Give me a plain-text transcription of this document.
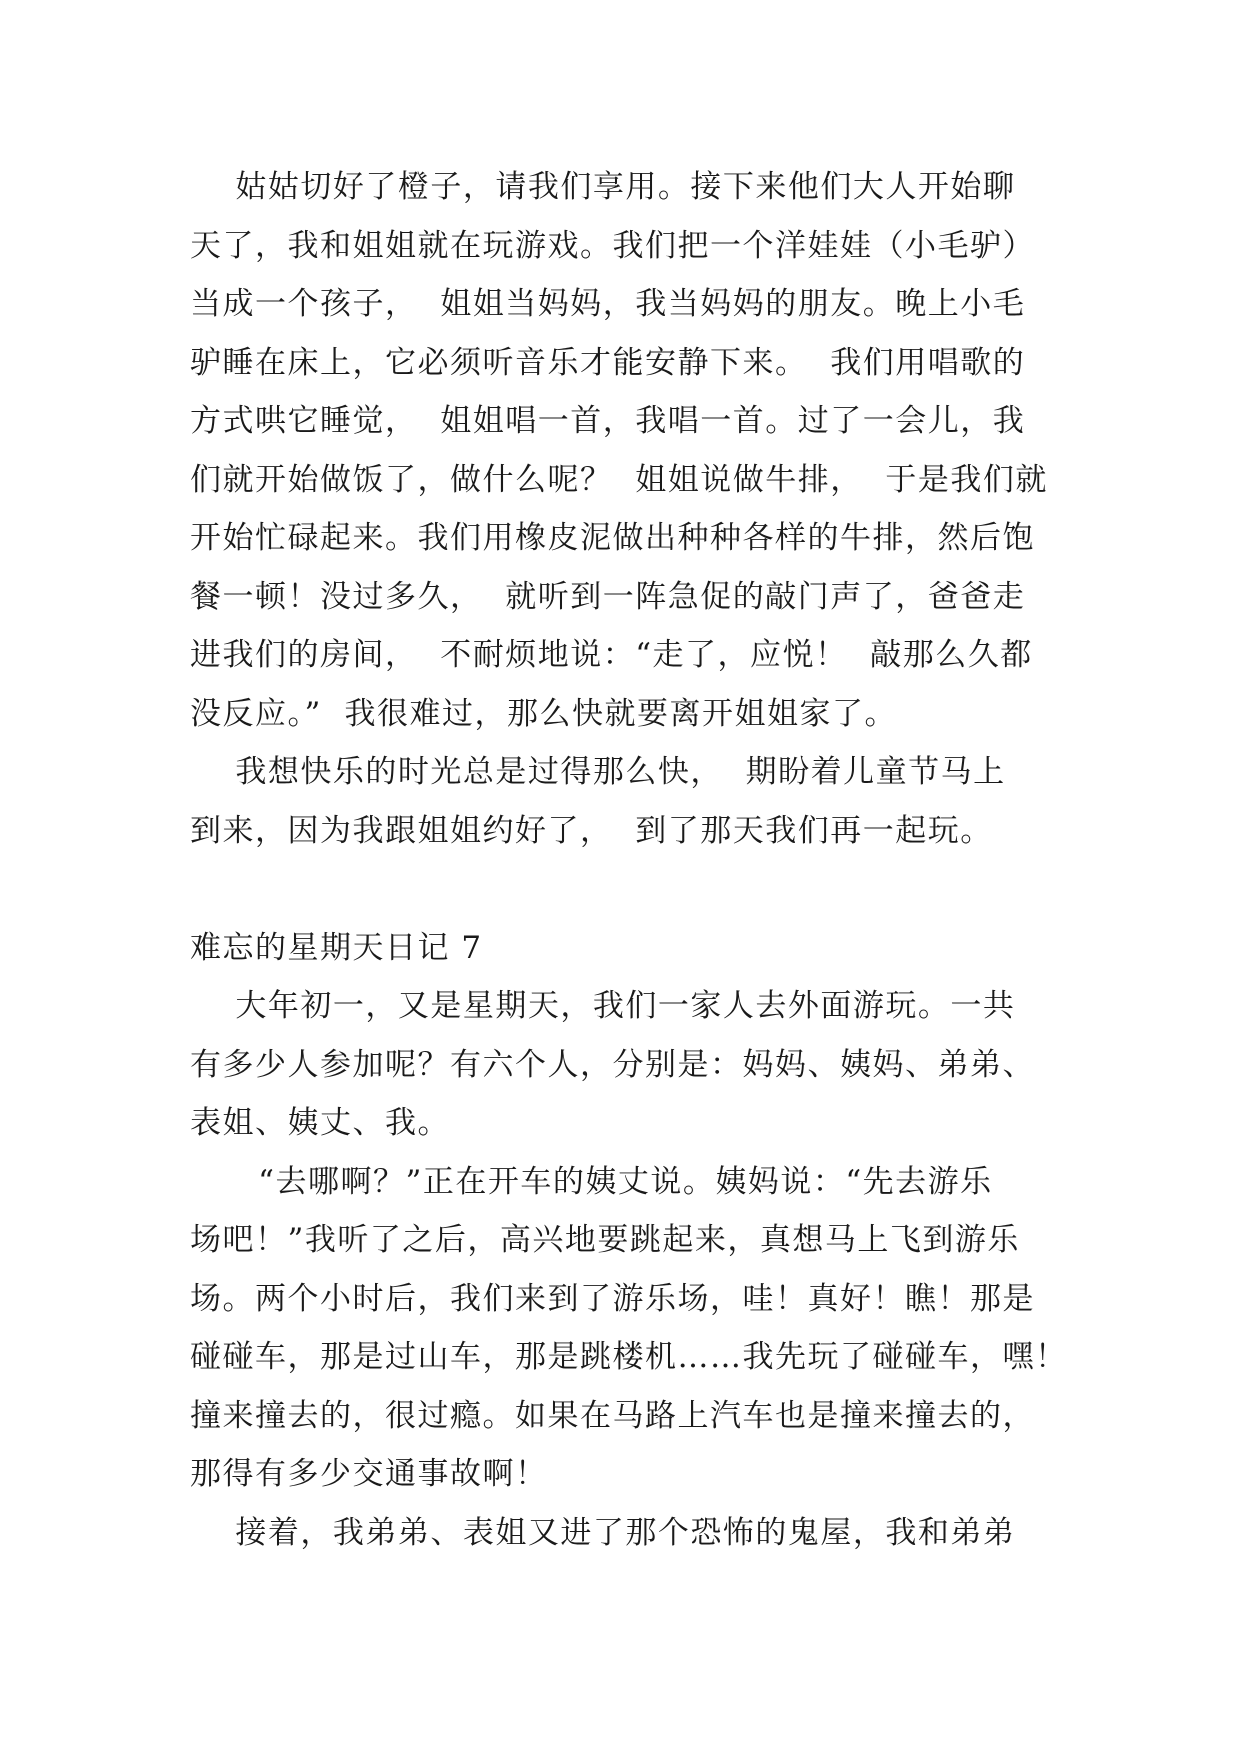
姑姑切好了橙子，请我们享用。接下来他们大人开始聊
天了，我和姐姐就在玩游戏。我们把一个洋娃娃（小毛驴）
当成一个孩子，  姐姐当妈妈，我当妈妈的朋友。晚上小毛
驴睡在床上，它必须听音乐才能安静下来。  我们用唱歌的
方式哄它睡觉，  姐姐唱一首，我唱一首。过了一会儿，我
们就开始做饭了，做什么呢？  姐姐说做牛排，  于是我们就
开始忙碌起来。我们用橡皮泥做出种种各样的牛排，然后饱
餐一顿！没过多久，  就听到一阵急促的敲门声了，爸爸走
进我们的房间，  不耐烦地说：“走了，应悦！  敲那么久都
没反应。”  我很难过，那么快就要离开姐姐家了。
我想快乐的时光总是过得那么快，  期盼着儿童节马上
到来，因为我跟姐姐约好了，  到了那天我们再一起玩。
难忘的星期天日记 7
大年初一，又是星期天，我们一家人去外面游玩。一共
有多少人参加呢？有六个人，分别是：妈妈、姨妈、弟弟、
表姐、姨丈、我。
“去哪啊？”正在开车的姨丈说。姨妈说：“先去游乐
场吧！”我听了之后，高兴地要跳起来，真想马上飞到游乐
场。两个小时后，我们来到了游乐场，哇！真好！瞧！那是
碰碰车，那是过山车，那是跳楼机……我先玩了碰碰车，嘿！
撞来撞去的，很过瘾。如果在马路上汽车也是撞来撞去的，
那得有多少交通事故啊！
接着，我弟弟、表姐又进了那个恐怖的鬼屋，我和弟弟
